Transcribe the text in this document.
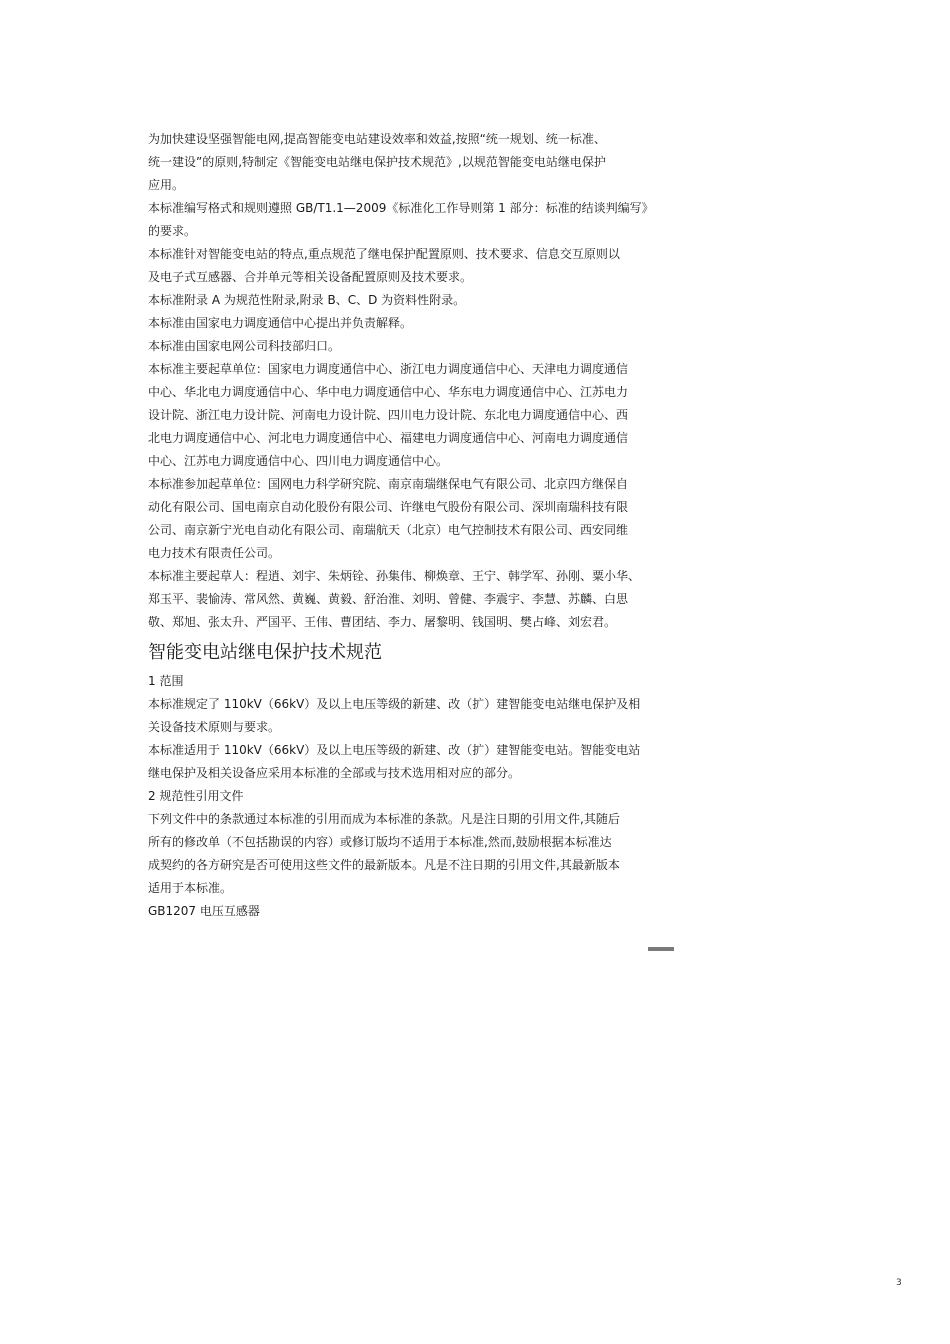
为加快建设坚强智能电网,提高智能变电站建设效率和效益,按照“统一规划、统一标准、
统一建设”的原则,特制定《智能变电站继电保护技术规范》,以规范智能变电站继电保护
应用。
本标准编写格式和规则遵照 GB/T1.1—2009《标准化工作导则第 1 部分：标准的结谈判编写》
的要求。
本标准针对智能变电站的特点,重点规范了继电保护配置原则、技术要求、信息交互原则以
及电子式互感器、合并单元等相关设备配置原则及技术要求。
本标准附录 A 为规范性附录,附录 B、C、D 为资料性附录。
本标准由国家电力调度通信中心提出并负责解释。
本标准由国家电网公司科技部归口。
本标准主要起草单位：国家电力调度通信中心、浙江电力调度通信中心、天津电力调度通信
中心、华北电力调度通信中心、华中电力调度通信中心、华东电力调度通信中心、江苏电力
设计院、浙江电力设计院、河南电力设计院、四川电力设计院、东北电力调度通信中心、西
北电力调度通信中心、河北电力调度通信中心、福建电力调度通信中心、河南电力调度通信
中心、江苏电力调度通信中心、四川电力调度通信中心。
本标准参加起草单位：国网电力科学研究院、南京南瑞继保电气有限公司、北京四方继保自
动化有限公司、国电南京自动化股份有限公司、许继电气股份有限公司、深圳南瑞科技有限
公司、南京新宁光电自动化有限公司、南瑞航天（北京）电气控制技术有限公司、西安同维
电力技术有限责任公司。
本标准主要起草人：程逍、刘宇、朱炳铨、孙集伟、柳焕章、王宁、韩学军、孙刚、粟小华、
郑玉平、裴愉涛、常风然、黄巍、黄毅、舒治淮、刘明、曾健、李震宇、李慧、苏麟、白思
敬、郑旭、张太升、严国平、王伟、曹团结、李力、屠黎明、钱国明、樊占峰、刘宏君。
智能变电站继电保护技术规范
1 范围
本标准规定了 110kV（66kV）及以上电压等级的新建、改（扩）建智能变电站继电保护及相
关设备技术原则与要求。
本标准适用于 110kV（66kV）及以上电压等级的新建、改（扩）建智能变电站。智能变电站
继电保护及相关设备应采用本标准的全部或与技术选用相对应的部分。
2 规范性引用文件
下列文件中的条款通过本标准的引用而成为本标准的条款。凡是注日期的引用文件,其随后
所有的修改单（不包括勘误的内容）或修订版均不适用于本标准,然而,鼓励根据本标准达
成契约的各方研究是否可使用这些文件的最新版本。凡是不注日期的引用文件,其最新版本
适用于本标准。
GB1207 电压互感器
3
